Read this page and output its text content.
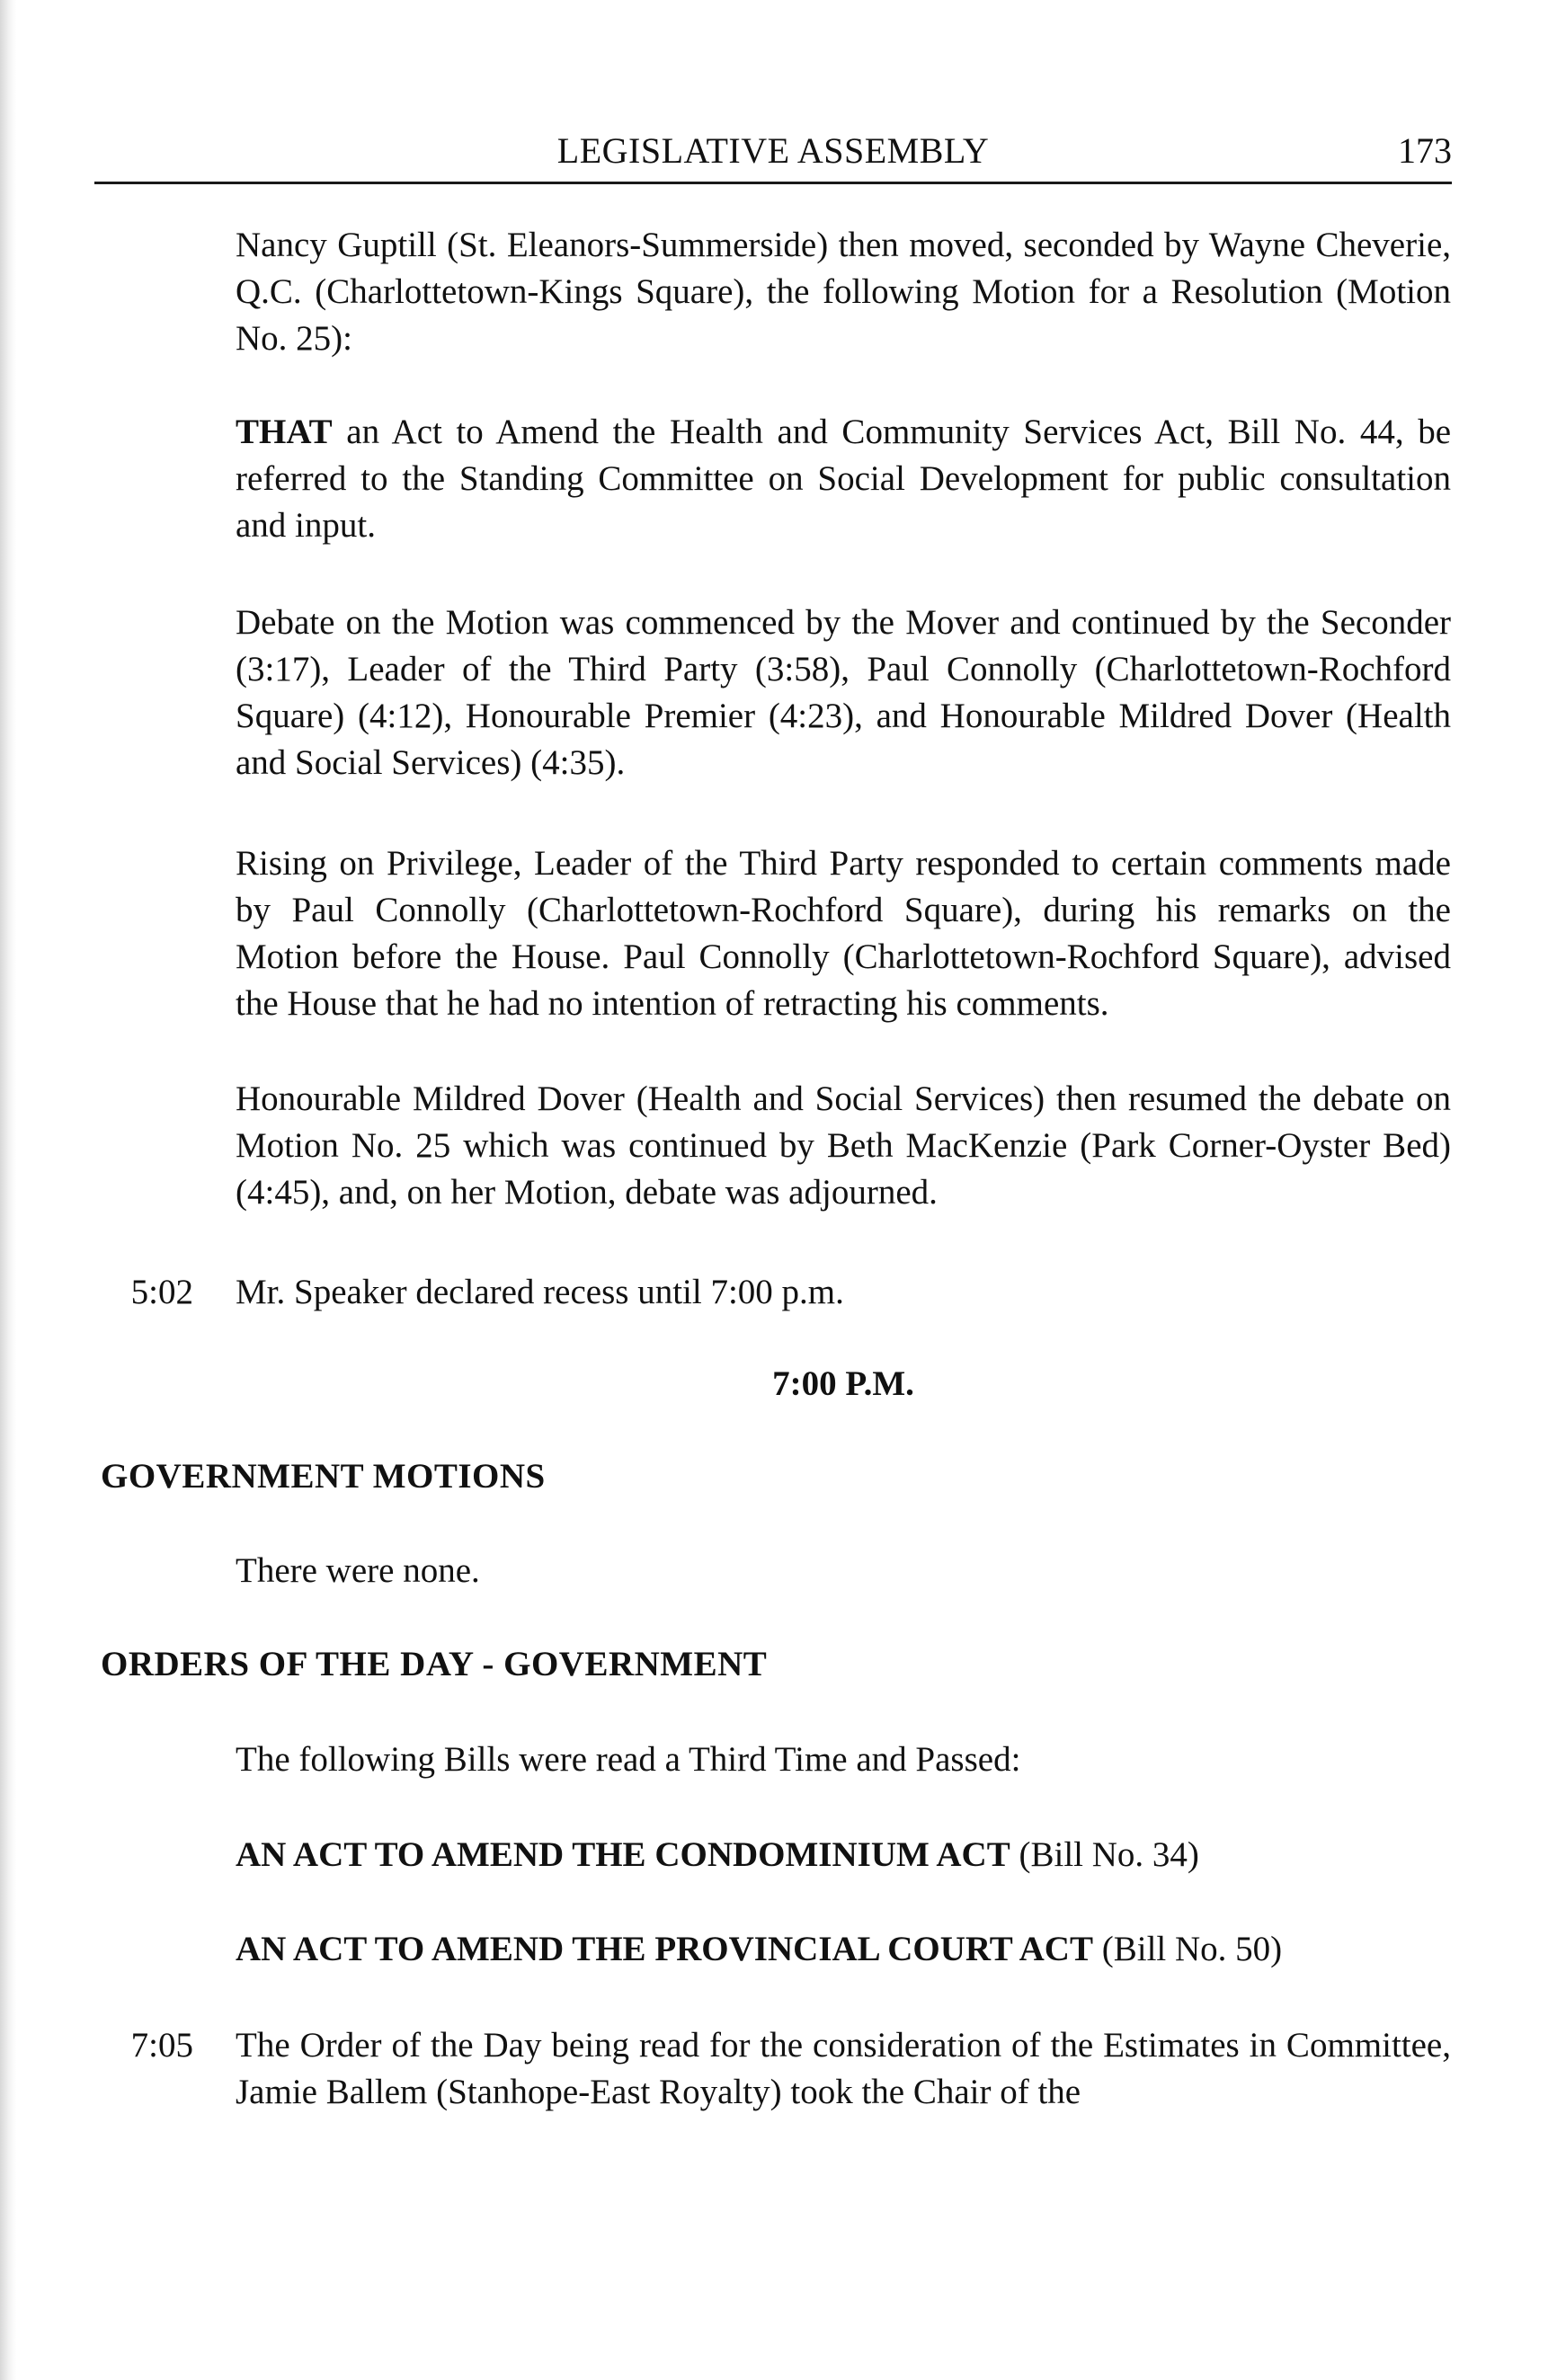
LEGISLATIVE ASSEMBLY	173

Nancy Guptill (St. Eleanors-Summerside) then moved, seconded by Wayne Cheverie, Q.C. (Charlottetown-Kings Square), the following Motion for a Resolution (Motion No. 25):

THAT an Act to Amend the Health and Community Services Act, Bill No. 44, be referred to the Standing Committee on Social Development for public consultation and input.

Debate on the Motion was commenced by the Mover and continued by the Seconder (3:17), Leader of the Third Party (3:58), Paul Connolly (Charlottetown-Rochford Square) (4:12), Honourable Premier (4:23), and Honourable Mildred Dover (Health and Social Services) (4:35).

Rising on Privilege, Leader of the Third Party responded to certain comments made by Paul Connolly (Charlottetown-Rochford Square), during his remarks on the Motion before the House. Paul Connolly (Charlottetown-Rochford Square), advised the House that he had no intention of retracting his comments.

Honourable Mildred Dover (Health and Social Services) then resumed the debate on Motion No. 25 which was continued by Beth MacKenzie (Park Corner-Oyster Bed) (4:45), and, on her Motion, debate was adjourned.

5:02 Mr. Speaker declared recess until 7:00 p.m.

7:00 P.M.
GOVERNMENT MOTIONS

There were none.

ORDERS OF THE DAY - GOVERNMENT

The following Bills were read a Third Time and Passed:

AN ACT TO AMEND THE CONDOMINIUM ACT (Bill No. 34)
AN ACT TO AMEND THE PROVINCIAL COURT ACT (Bill No. 50)
7:05 The Order of the Day being read for the consideration of the Estimates in Committee, Jamie Ballem (Stanhope-East Royalty) took the Chair of the
